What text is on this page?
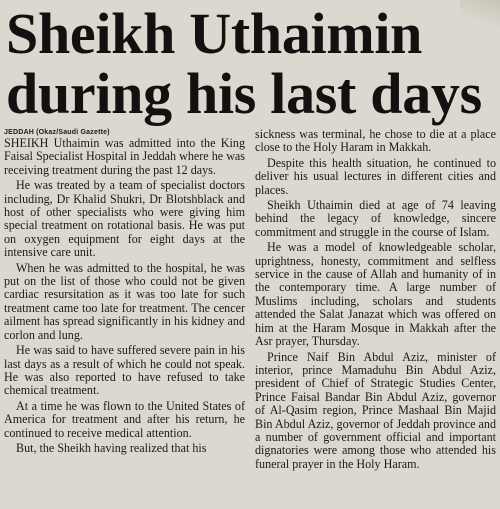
Sheikh Uthaimin
during his last days
JEDDAH (Okaz/Saudi Gazette)

SHEIKH Uthaimin was admitted into the King Faisal Specialist Hospital in Jeddah where he was receiving treatment during the past 12 days.

He was treated by a team of specialist doctors including, Dr Khalid Shukri, Dr Blotshblack and host of other specialists who were giving him special treatment on rotational basis. He was put on oxygen equipment for eight days at the intensive care unit.

When he was admitted to the hospital, he was put on the list of those who could not be given cardiac resursitation as it was too late for such treatment came too late for treatment. The cencer ailment has spread significantly in his kidney and corlon and lung.

He was said to have suffered severe pain in his last days as a result of which he could not speak. He was also reported to have refused to take chemical treatment.

At a time he was flown to the United States of America for treatment and after his return, he continued to receive medical attention.

But, the Sheikh having realized that his

sickness was terminal, he chose to die at a place close to the Holy Haram in Makkah.

Despite this health situation, he continued to deliver his usual lectures in different cities and places.

Sheikh Uthaimin died at age of 74 leaving behind the legacy of knowledge, sincere commitment and struggle in the course of Islam.

He was a model of knowledgeable scholar, uprightness, honesty, commitment and selfless service in the cause of Allah and humanity of in the contemporary time. A large number of Muslims including, scholars and students attended the Salat Janazat which was offered on him at the Haram Mosque in Makkah after the Asr prayer, Thursday.

Prince Naif Bin Abdul Aziz, minister of interior, prince Mamaduhu Bin Abdul Aziz, president of Chief of Strategic Studies Center, Prince Faisal Bandar Bin Abdul Aziz, governor of Al-Qasim region, Prince Mashaal Bin Majid Bin Abdul Aziz, governor of Jeddah province and a number of government official and important dignatories were among those who attended his funeral prayer in the Holy Haram.
